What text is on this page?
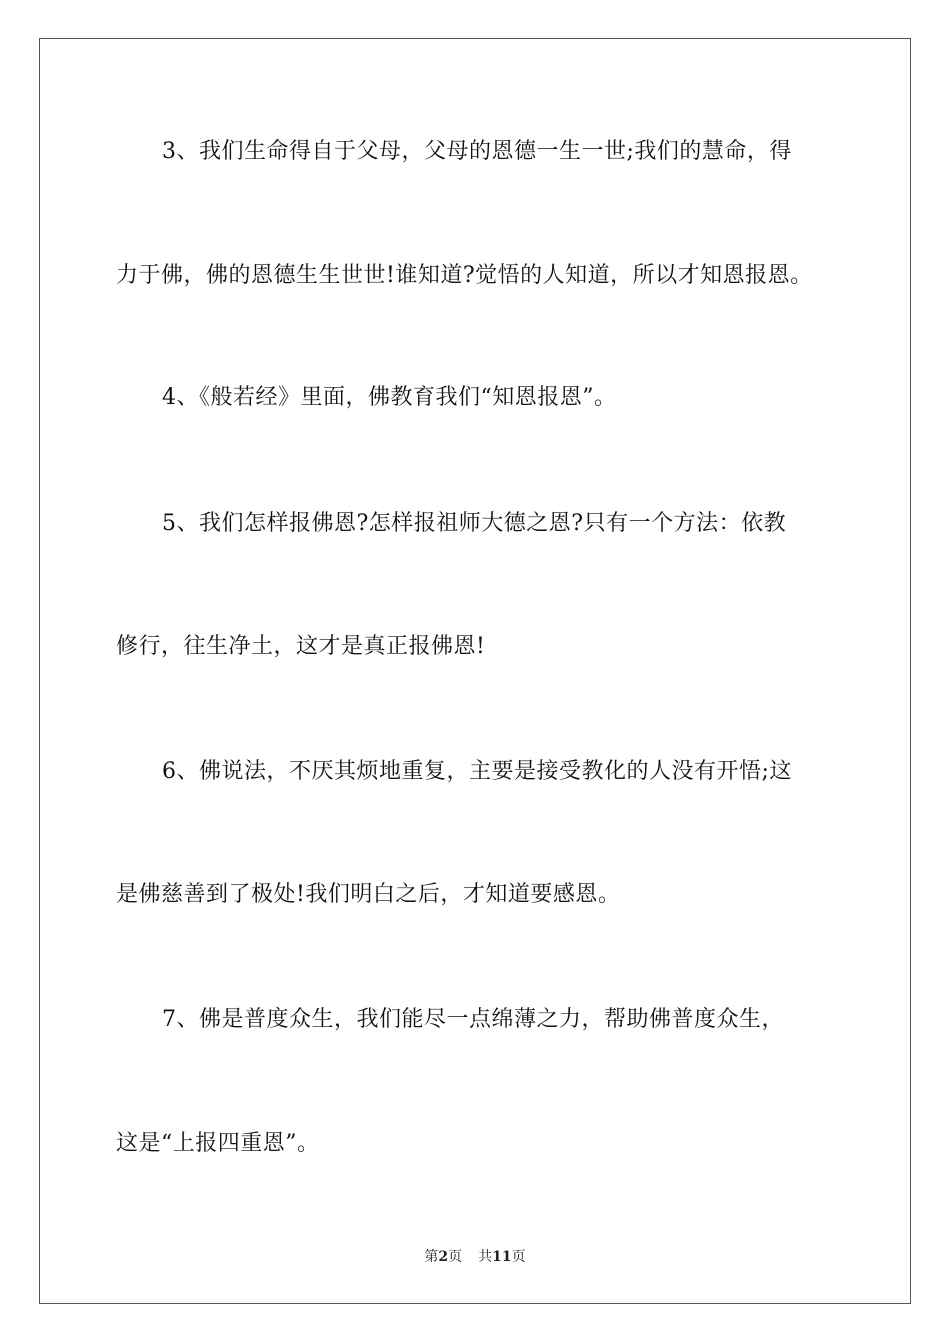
3、我们生命得自于父母，父母的恩德一生一世;我们的慧命，得
力于佛，佛的恩德生生世世!谁知道?觉悟的人知道，所以才知恩报恩。
4、《般若经》里面，佛教育我们“知恩报恩”。
5、我们怎样报佛恩?怎样报祖师大德之恩?只有一个方法：依教
修行，往生净土，这才是真正报佛恩!
6、佛说法，不厌其烦地重复，主要是接受教化的人没有开悟;这
是佛慈善到了极处!我们明白之后，才知道要感恩。
7、佛是普度众生，我们能尽一点绵薄之力，帮助佛普度众生，
这是“上报四重恩”。
第2页 共11页
